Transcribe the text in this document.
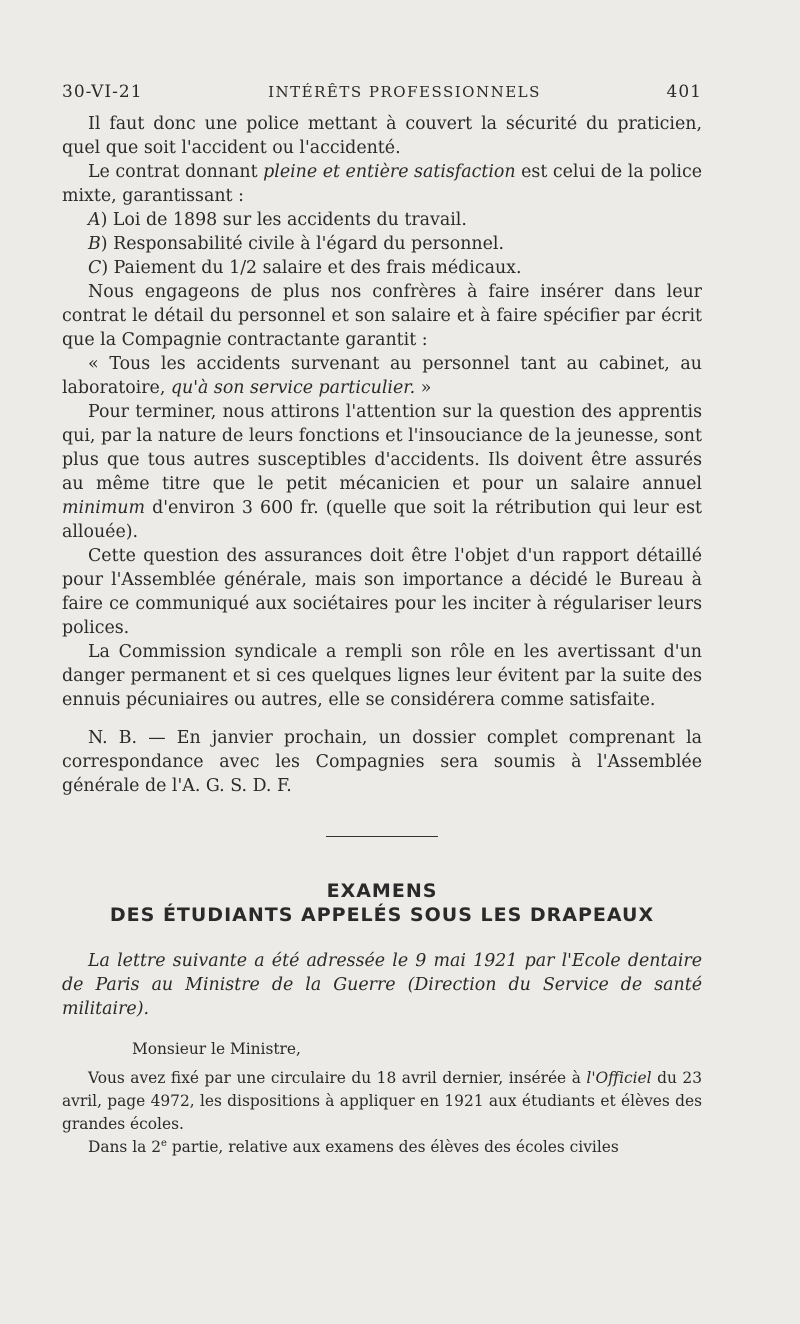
30-VI-21	INTÉRÊTS PROFESSIONNELS	401

Il faut donc une police mettant à couvert la sécurité du praticien, quel que soit l'accident ou l'accidenté.

Le contrat donnant pleine et entière satisfaction est celui de la police mixte, garantissant :

A) Loi de 1898 sur les accidents du travail.

B) Responsabilité civile à l'égard du personnel.

C) Paiement du 1/2 salaire et des frais médicaux.

Nous engageons de plus nos confrères à faire insérer dans leur contrat le détail du personnel et son salaire et à faire spécifier par écrit que la Compagnie contractante garantit :

« Tous les accidents survenant au personnel tant au cabinet, au laboratoire, qu'à son service particulier. »

Pour terminer, nous attirons l'attention sur la question des apprentis qui, par la nature de leurs fonctions et l'insouciance de la jeunesse, sont plus que tous autres susceptibles d'accidents. Ils doivent être assurés au même titre que le petit mécanicien et pour un salaire annuel minimum d'environ 3 600 fr. (quelle que soit la rétribution qui leur est allouée).

Cette question des assurances doit être l'objet d'un rapport détaillé pour l'Assemblée générale, mais son importance a décidé le Bureau à faire ce communiqué aux sociétaires pour les inciter à régulariser leurs polices.

La Commission syndicale a rempli son rôle en les avertissant d'un danger permanent et si ces quelques lignes leur évitent par la suite des ennuis pécuniaires ou autres, elle se considérera comme satisfaite.

N. B. — En janvier prochain, un dossier complet comprenant la correspondance avec les Compagnies sera soumis à l'Assemblée générale de l'A. G. S. D. F.

EXAMENS
DES ÉTUDIANTS APPELÉS SOUS LES DRAPEAUX

La lettre suivante a été adressée le 9 mai 1921 par l'Ecole dentaire de Paris au Ministre de la Guerre (Direction du Service de santé militaire).

Monsieur le Ministre,

Vous avez fixé par une circulaire du 18 avril dernier, insérée à l'Officiel du 23 avril, page 4972, les dispositions à appliquer en 1921 aux étudiants et élèves des grandes écoles.

Dans la 2e partie, relative aux examens des élèves des écoles civiles
